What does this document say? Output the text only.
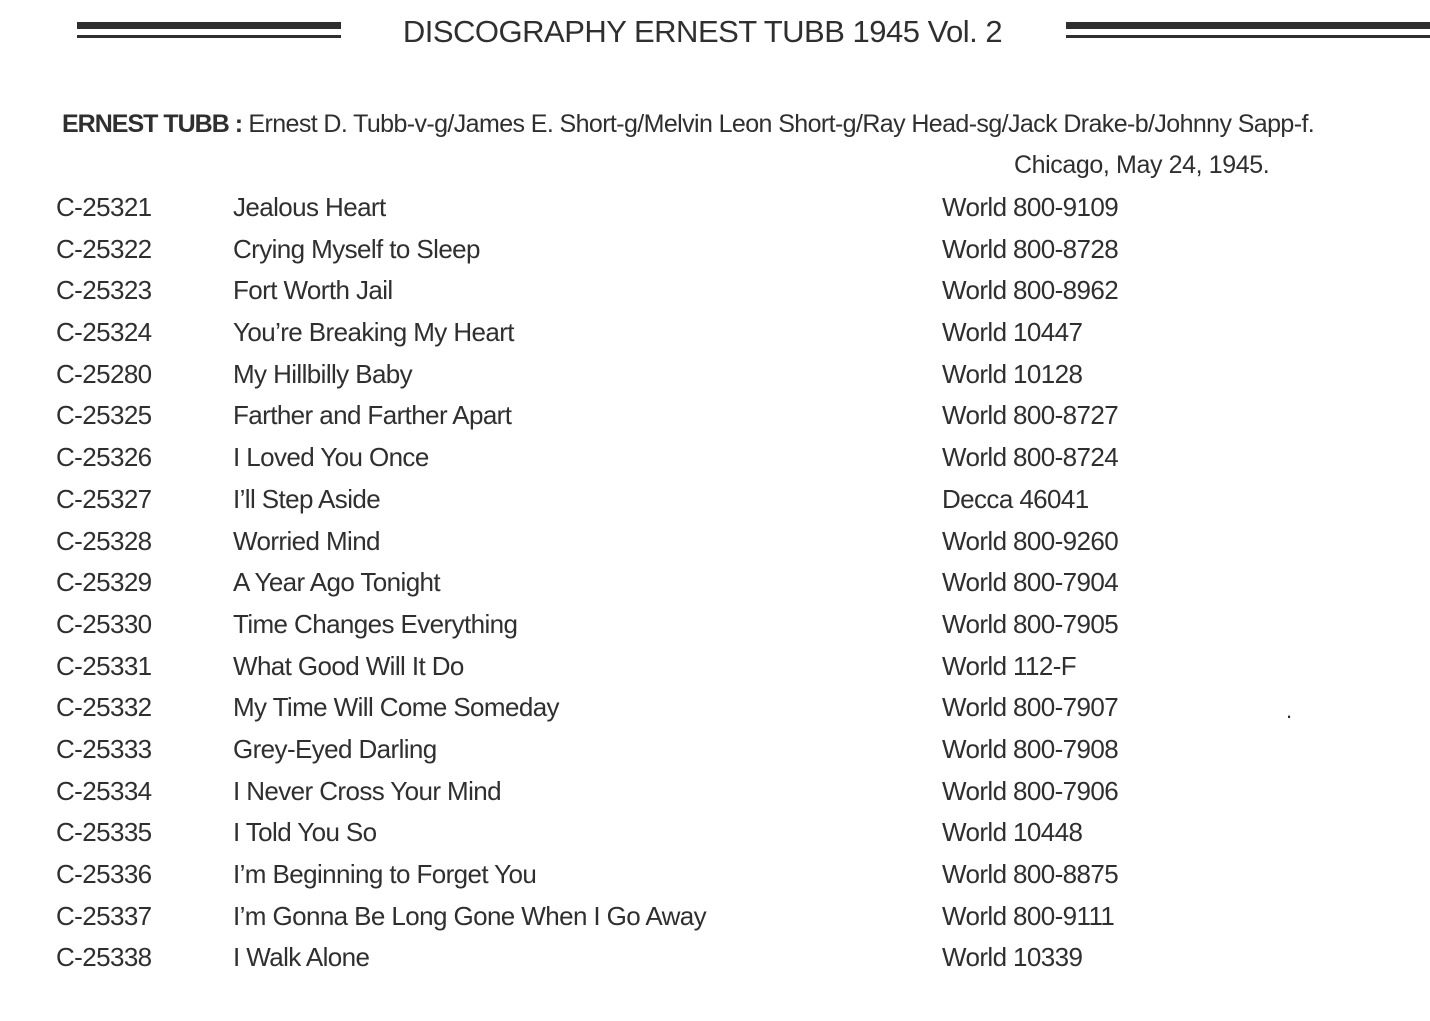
DISCOGRAPHY ERNEST TUBB 1945 Vol. 2
ERNEST TUBB : Ernest D. Tubb-v-g/James E. Short-g/Melvin Leon Short-g/Ray Head-sg/Jack Drake-b/Johnny Sapp-f.
Chicago, May 24, 1945.
C-25321	Jealous Heart	World 800-9109
C-25322	Crying Myself to Sleep	World 800-8728
C-25323	Fort Worth Jail	World 800-8962
C-25324	You’re Breaking My Heart	World 10447
C-25280	My Hillbilly Baby	World 10128
C-25325	Farther and Farther Apart	World 800-8727
C-25326	I Loved You Once	World 800-8724
C-25327	I’ll Step Aside	Decca 46041
C-25328	Worried Mind	World 800-9260
C-25329	A Year Ago Tonight	World 800-7904
C-25330	Time Changes Everything	World 800-7905
C-25331	What Good Will It Do	World 112-F
C-25332	My Time Will Come Someday	World 800-7907
C-25333	Grey-Eyed Darling	World 800-7908
C-25334	I Never Cross Your Mind	World 800-7906
C-25335	I Told You So	World 10448
C-25336	I’m Beginning to Forget You	World 800-8875
C-25337	I’m Gonna Be Long Gone When I Go Away	World 800-9111
C-25338	I Walk Alone	World 10339
.
